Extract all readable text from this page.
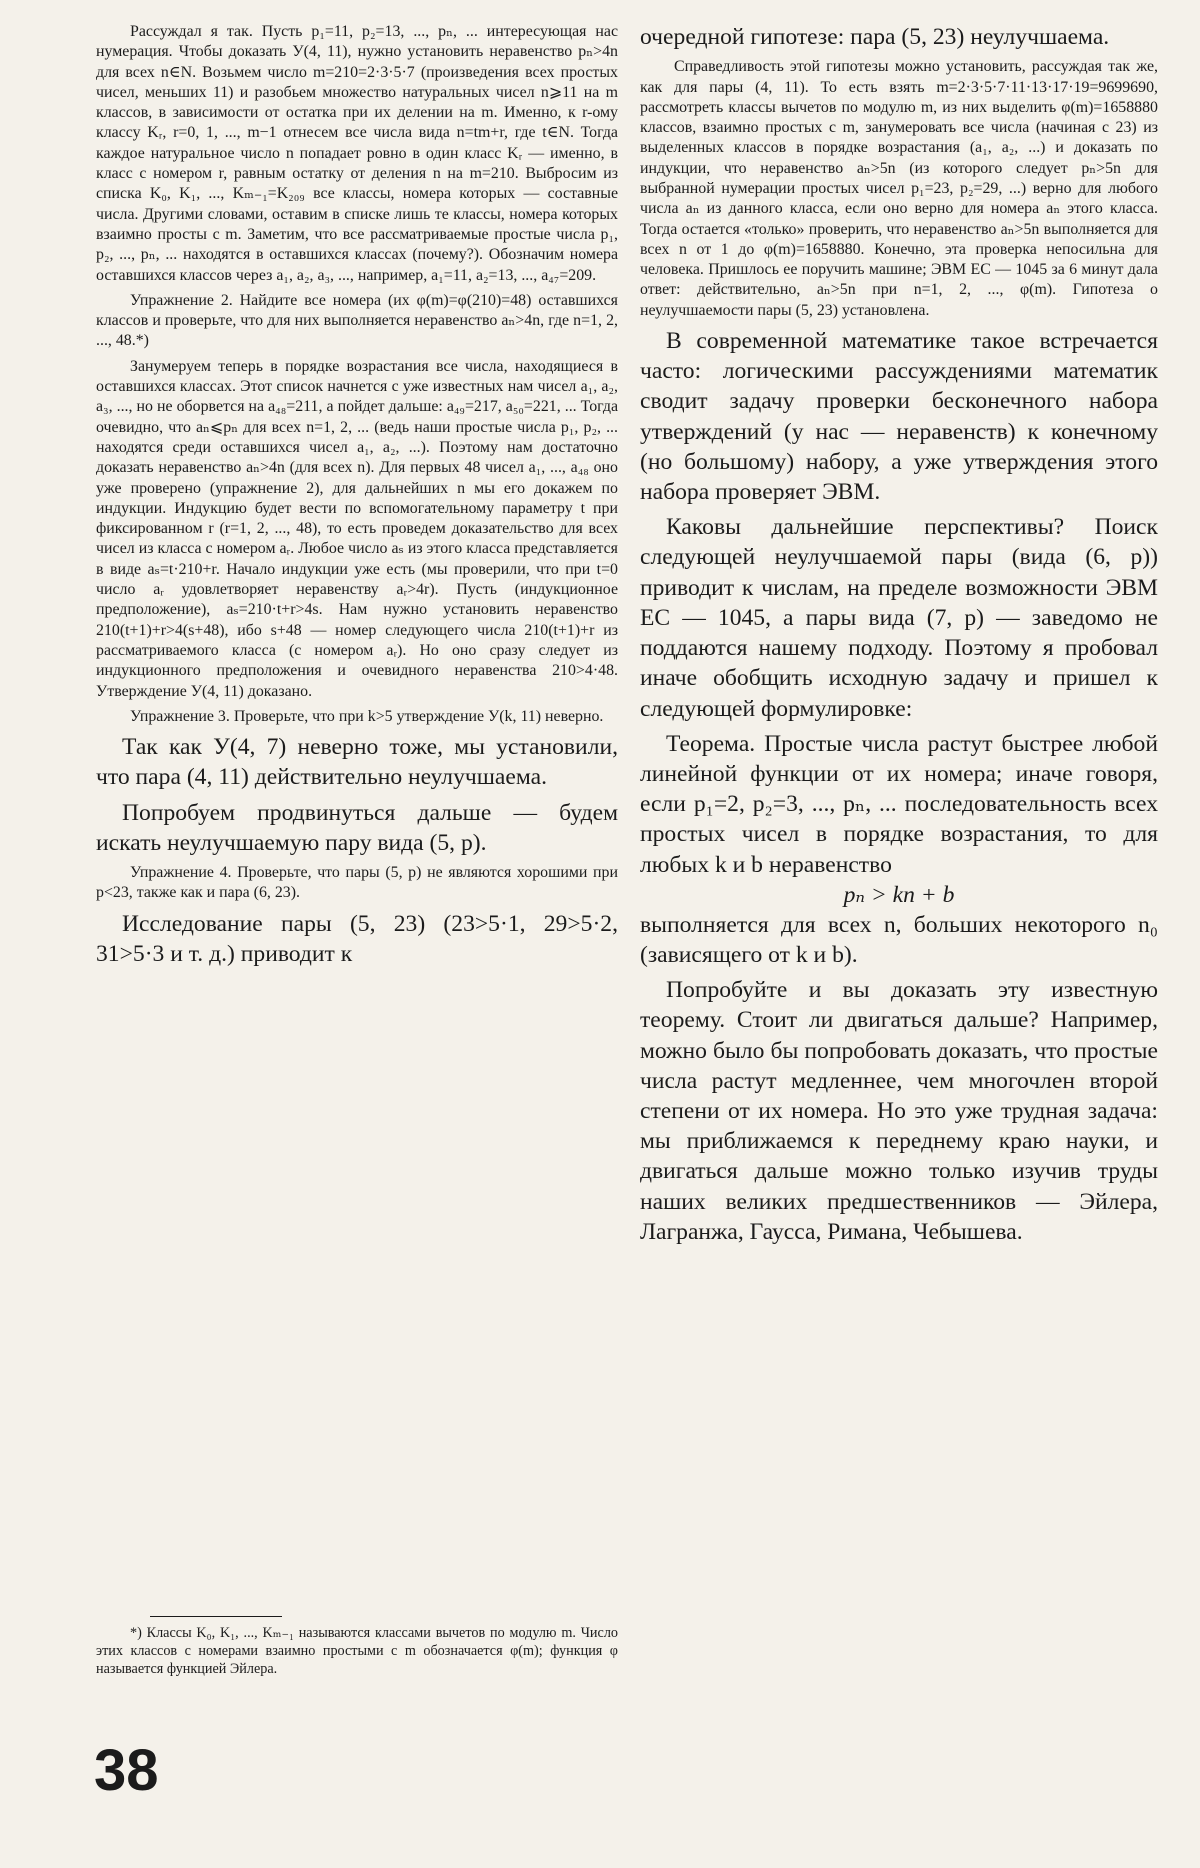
Рассуждал я так. Пусть p₁=11, p₂=13, ..., pₙ, ... интересующая нас нумерация. Чтобы доказать У(4, 11), нужно установить неравенство pₙ>4n для всех n∈N. Возьмем число m=210=2·3·5·7 (произведения всех простых чисел, меньших 11) и разобьем множество натуральных чисел n⩾11 на m классов, в зависимости от остатка при их делении на m. Именно, к r-ому классу Kᵣ, r=0, 1, ..., m−1 отнесем все числа вида n=tm+r, где t∈N. Тогда каждое натуральное число n попадает ровно в один класс Kᵣ — именно, в класс с номером r, равным остатку от деления n на m=210. Выбросим из списка K₀, K₁, ..., Kₘ₋₁=K₂₀₉ все классы, номера которых — составные числа. Другими словами, оставим в списке лишь те классы, номера которых взаимно просты с m. Заметим, что все рассматриваемые простые числа p₁, p₂, ..., pₙ, ... находятся в оставшихся классах (почему?). Обозначим номера оставшихся классов через a₁, a₂, a₃, ..., например, a₁=11, a₂=13, ..., a₄₇=209.

Упражнение 2. Найдите все номера (их φ(m)=φ(210)=48) оставшихся классов и проверьте, что для них выполняется неравенство aₙ>4n, где n=1, 2, ..., 48.*)

Занумеруем теперь в порядке возрастания все числа, находящиеся в оставшихся классах. Этот список начнется с уже известных нам чисел a₁, a₂, a₃, ..., но не оборвется на a₄₈=211, а пойдет дальше: a₄₉=217, a₅₀=221, ... Тогда очевидно, что aₙ⩽pₙ для всех n=1, 2, ... (ведь наши простые числа p₁, p₂, ... находятся среди оставшихся чисел a₁, a₂, ...). Поэтому нам достаточно доказать неравенство aₙ>4n (для всех n). Для первых 48 чисел a₁, ..., a₄₈ оно уже проверено (упражнение 2), для дальнейших n мы его докажем по индукции. Индукцию будет вести по вспомогательному параметру t при фиксированном r (r=1, 2, ..., 48), то есть проведем доказательство для всех чисел из класса с номером aᵣ. Любое число aₛ из этого класса представляется в виде aₛ=t·210+r. Начало индукции уже есть (мы проверили, что при t=0 число aᵣ удовлетворяет неравенству aᵣ>4r). Пусть (индукционное предположение), aₛ=210·t+r>4s. Нам нужно установить неравенство 210(t+1)+r>4(s+48), ибо s+48 — номер следующего числа 210(t+1)+r из рассматриваемого класса (с номером aᵣ). Но оно сразу следует из индукционного предположения и очевидного неравенства 210>4·48. Утверждение У(4, 11) доказано.

Упражнение 3. Проверьте, что при k>5 утверждение У(k, 11) неверно.

Так как У(4, 7) неверно тоже, мы установили, что пара (4, 11) действительно неулучшаема.

Попробуем продвинуться дальше — будем искать неулучшаемую пару вида (5, p).

Упражнение 4. Проверьте, что пары (5, p) не являются хорошими при p<23, также как и пара (6, 23).

Исследование пары (5, 23) (23>5·1, 29>5·2, 31>5·3 и т. д.) приводит к

очередной гипотезе: пара (5, 23) неулучшаема.

Справедливость этой гипотезы можно установить, рассуждая так же, как для пары (4, 11). То есть взять m=2·3·5·7·11·13·17·19=9699690, рассмотреть классы вычетов по модулю m, из них выделить φ(m)=1658880 классов, взаимно простых с m, занумеровать все числа (начиная с 23) из выделенных классов в порядке возрастания (a₁, a₂, ...) и доказать по индукции, что неравенство aₙ>5n (из которого следует pₙ>5n для выбранной нумерации простых чисел p₁=23, p₂=29, ...) верно для любого числа aₙ из данного класса, если оно верно для номера aₙ этого класса. Тогда остается «только» проверить, что неравенство aₙ>5n выполняется для всех n от 1 до φ(m)=1658880. Конечно, эта проверка непосильна для человека. Пришлось ее поручить машине; ЭВМ ЕС — 1045 за 6 минут дала ответ: действительно, aₙ>5n при n=1, 2, ..., φ(m). Гипотеза о неулучшаемости пары (5, 23) установлена.

В современной математике такое встречается часто: логическими рассуждениями математик сводит задачу проверки бесконечного набора утверждений (у нас — неравенств) к конечному (но большому) набору, а уже утверждения этого набора проверяет ЭВМ.

Каковы дальнейшие перспективы? Поиск следующей неулучшаемой пары (вида (6, p)) приводит к числам, на пределе возможности ЭВМ ЕС — 1045, а пары вида (7, p) — заведомо не поддаются нашему подходу. Поэтому я пробовал иначе обобщить исходную задачу и пришел к следующей формулировке:

Теорема. Простые числа растут быстрее любой линейной функции от их номера; иначе говоря, если p₁=2, p₂=3, ..., pₙ, ... последовательность всех простых чисел в порядке возрастания, то для любых k и b неравенство

pₙ > kn + b

выполняется для всех n, больших некоторого n₀ (зависящего от k и b).

Попробуйте и вы доказать эту известную теорему. Стоит ли двигаться дальше? Например, можно было бы попробовать доказать, что простые числа растут медленнее, чем многочлен второй степени от их номера. Но это уже трудная задача: мы приближаемся к переднему краю науки, и двигаться дальше можно только изучив труды наших великих предшественников — Эйлера, Лагранжа, Гаусса, Римана, Чебышева.

*) Классы K₀, K₁, ..., Kₘ₋₁ называются классами вычетов по модулю m. Число этих классов с номерами взаимно простыми с m обозначается φ(m); функция φ называется функцией Эйлера.

38
